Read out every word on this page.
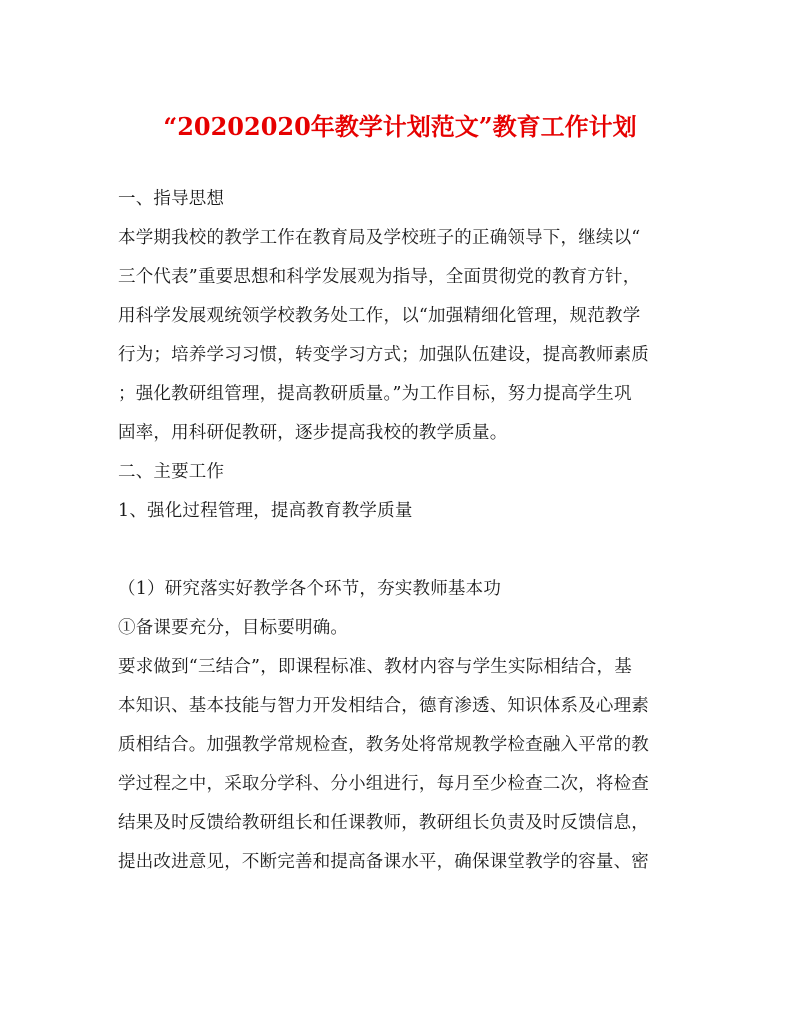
“20202020年教学计划范文”教育工作计划
一、指导思想
本学期我校的教学工作在教育局及学校班子的正确领导下，继续以“
三个代表”重要思想和科学发展观为指导，全面贯彻党的教育方针，
用科学发展观统领学校教务处工作，以“加强精细化管理，规范教学
行为；培养学习习惯，转变学习方式；加强队伍建设，提高教师素质
；强化教研组管理，提高教研质量。”为工作目标，努力提高学生巩
固率，用科研促教研，逐步提高我校的教学质量。
二、主要工作
1、强化过程管理，提高教育教学质量
（1）研究落实好教学各个环节，夯实教师基本功
①备课要充分，目标要明确。
要求做到“三结合”，即课程标准、教材内容与学生实际相结合，基
本知识、基本技能与智力开发相结合，德育渗透、知识体系及心理素
质相结合。加强教学常规检查，教务处将常规教学检查融入平常的教
学过程之中，采取分学科、分小组进行，每月至少检查二次，将检查
结果及时反馈给教研组长和任课教师，教研组长负责及时反馈信息，
提出改进意见，不断完善和提高备课水平，确保课堂教学的容量、密
